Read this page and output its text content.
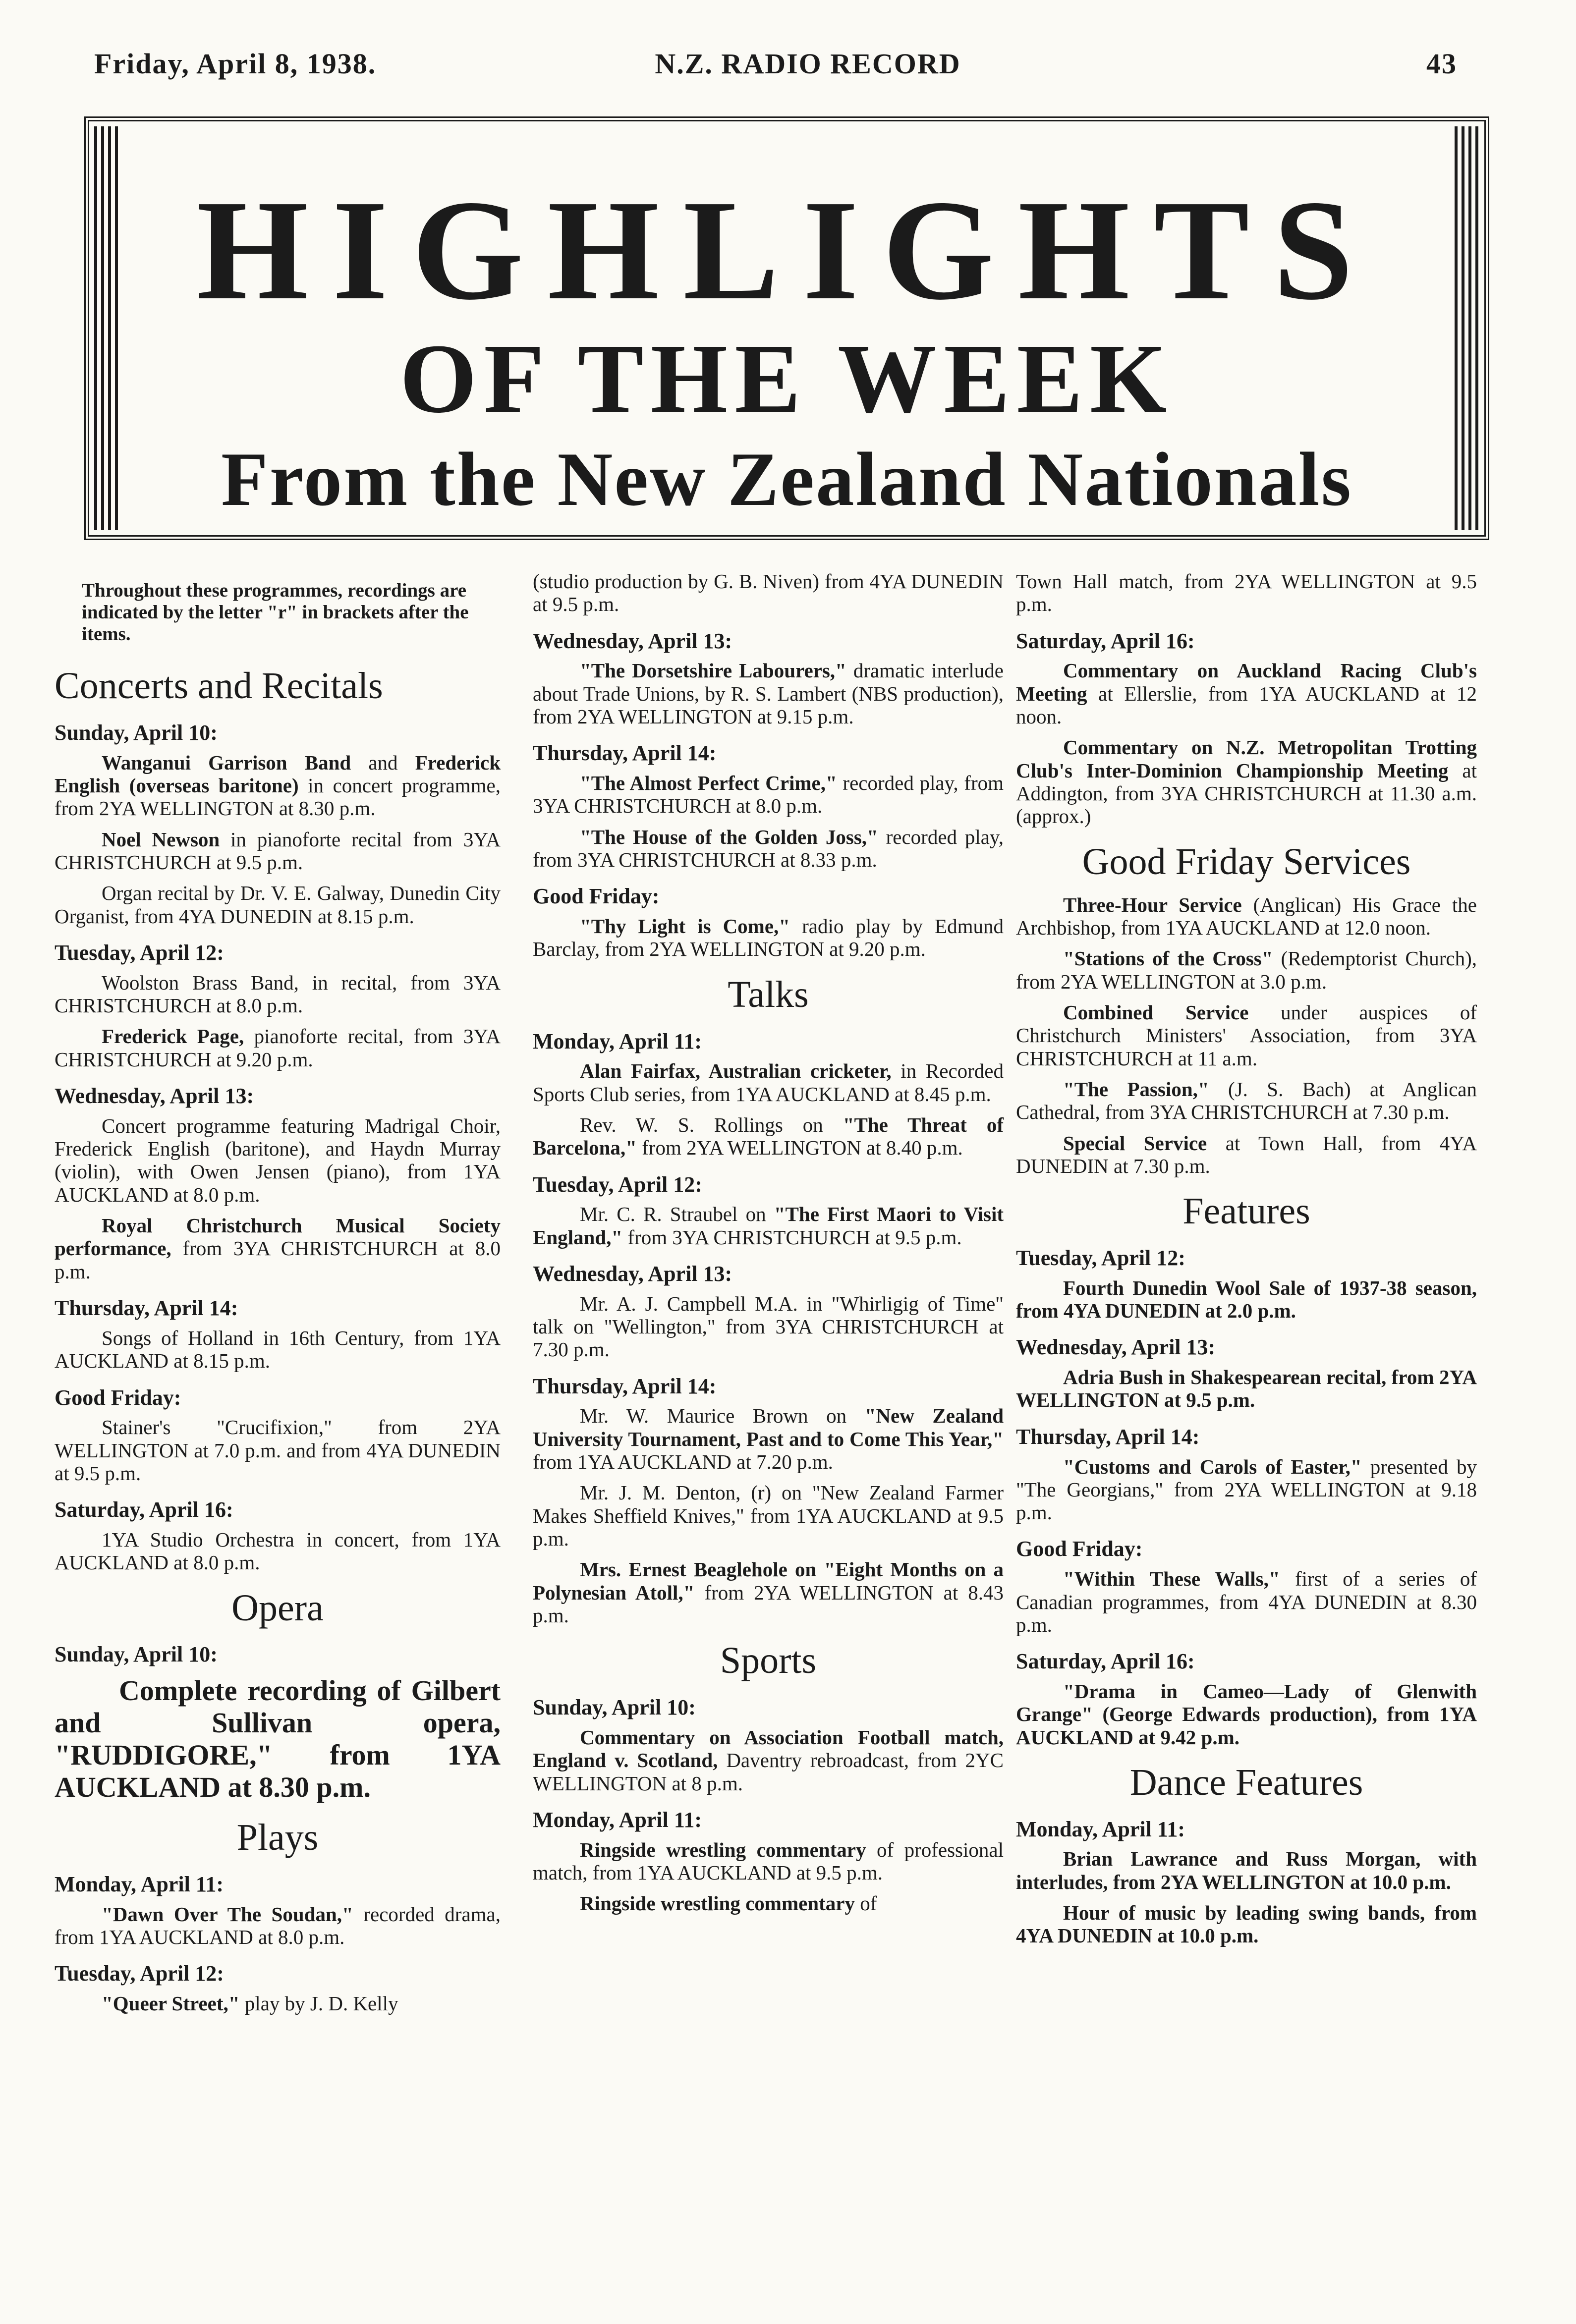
Friday, April 8, 1938.	N.Z. RADIO RECORD	43
HIGHLIGHTS
OF THE WEEK
From the New Zealand Nationals
Throughout these programmes, recordings are indicated by the letter "r" in brackets after the items.
Concerts and Recitals
Sunday, April 10:

Wanganui Garrison Band and Frederick English (overseas baritone) in concert programme, from 2YA WELLINGTON at 8.30 p.m.

Noel Newson in pianoforte recital from 3YA CHRISTCHURCH at 9.5 p.m.

Organ recital by Dr. V. E. Galway, Dunedin City Organist, from 4YA DUNEDIN at 8.15 p.m.

Tuesday, April 12:

Woolston Brass Band, in recital, from 3YA CHRISTCHURCH at 8.0 p.m.

Frederick Page, pianoforte recital, from 3YA CHRISTCHURCH at 9.20 p.m.

Wednesday, April 13:

Concert programme featuring Madrigal Choir, Frederick English (baritone), and Haydn Murray (violin), with Owen Jensen (piano), from 1YA AUCKLAND at 8.0 p.m.

Royal Christchurch Musical Society performance, from 3YA CHRISTCHURCH at 8.0 p.m.

Thursday, April 14:

Songs of Holland in 16th Century, from 1YA AUCKLAND at 8.15 p.m.

Good Friday:

Stainer's "Crucifixion," from 2YA WELLINGTON at 7.0 p.m. and from 4YA DUNEDIN at 9.5 p.m.

Saturday, April 16:

1YA Studio Orchestra in concert, from 1YA AUCKLAND at 8.0 p.m.

Opera
Sunday, April 10:

Complete recording of Gilbert and Sullivan opera, "RUDDIGORE," from 1YA AUCKLAND at 8.30 p.m.

Plays
Monday, April 11:

"Dawn Over The Soudan," recorded drama, from 1YA AUCKLAND at 8.0 p.m.

Tuesday, April 12:

"Queer Street," play by J. D. Kelly

(studio production by G. B. Niven) from 4YA DUNEDIN at 9.5 p.m.

Wednesday, April 13:

"The Dorsetshire Labourers," dramatic interlude about Trade Unions, by R. S. Lambert (NBS production), from 2YA WELLINGTON at 9.15 p.m.

Thursday, April 14:

"The Almost Perfect Crime," recorded play, from 3YA CHRISTCHURCH at 8.0 p.m.

"The House of the Golden Joss," recorded play, from 3YA CHRISTCHURCH at 8.33 p.m.

Good Friday:

"Thy Light is Come," radio play by Edmund Barclay, from 2YA WELLINGTON at 9.20 p.m.

Talks
Monday, April 11:

Alan Fairfax, Australian cricketer, in Recorded Sports Club series, from 1YA AUCKLAND at 8.45 p.m.

Rev. W. S. Rollings on "The Threat of Barcelona," from 2YA WELLINGTON at 8.40 p.m.

Tuesday, April 12:

Mr. C. R. Straubel on "The First Maori to Visit England," from 3YA CHRISTCHURCH at 9.5 p.m.

Wednesday, April 13:

Mr. A. J. Campbell M.A. in "Whirligig of Time" talk on "Wellington," from 3YA CHRISTCHURCH at 7.30 p.m.

Thursday, April 14:

Mr. W. Maurice Brown on "New Zealand University Tournament, Past and to Come This Year," from 1YA AUCKLAND at 7.20 p.m.

Mr. J. M. Denton, (r) on "New Zealand Farmer Makes Sheffield Knives," from 1YA AUCKLAND at 9.5 p.m.

Mrs. Ernest Beaglehole on "Eight Months on a Polynesian Atoll," from 2YA WELLINGTON at 8.43 p.m.

Sports
Sunday, April 10:

Commentary on Association Football match, England v. Scotland, Daventry rebroadcast, from 2YC WELLINGTON at 8 p.m.

Monday, April 11:

Ringside wrestling commentary of professional match, from 1YA AUCKLAND at 9.5 p.m.

Ringside wrestling commentary of

Town Hall match, from 2YA WELLINGTON at 9.5 p.m.

Saturday, April 16:

Commentary on Auckland Racing Club's Meeting at Ellerslie, from 1YA AUCKLAND at 12 noon.

Commentary on N.Z. Metropolitan Trotting Club's Inter-Dominion Championship Meeting at Addington, from 3YA CHRISTCHURCH at 11.30 a.m. (approx.)

Good Friday Services

Three-Hour Service (Anglican) His Grace the Archbishop, from 1YA AUCKLAND at 12.0 noon.

"Stations of the Cross" (Redemptorist Church), from 2YA WELLINGTON at 3.0 p.m.

Combined Service under auspices of Christchurch Ministers' Association, from 3YA CHRISTCHURCH at 11 a.m.

"The Passion," (J. S. Bach) at Anglican Cathedral, from 3YA CHRISTCHURCH at 7.30 p.m.

Special Service at Town Hall, from 4YA DUNEDIN at 7.30 p.m.

Features
Tuesday, April 12:

Fourth Dunedin Wool Sale of 1937-38 season, from 4YA DUNEDIN at 2.0 p.m.

Wednesday, April 13:

Adria Bush in Shakespearean recital, from 2YA WELLINGTON at 9.5 p.m.

Thursday, April 14:

"Customs and Carols of Easter," presented by "The Georgians," from 2YA WELLINGTON at 9.18 p.m.

Good Friday:

"Within These Walls," first of a series of Canadian programmes, from 4YA DUNEDIN at 8.30 p.m.

Saturday, April 16:

"Drama in Cameo—Lady of Glenwith Grange" (George Edwards production), from 1YA AUCKLAND at 9.42 p.m.

Dance Features
Monday, April 11:

Brian Lawrance and Russ Morgan, with interludes, from 2YA WELLINGTON at 10.0 p.m.

Hour of music by leading swing bands, from 4YA DUNEDIN at 10.0 p.m.
